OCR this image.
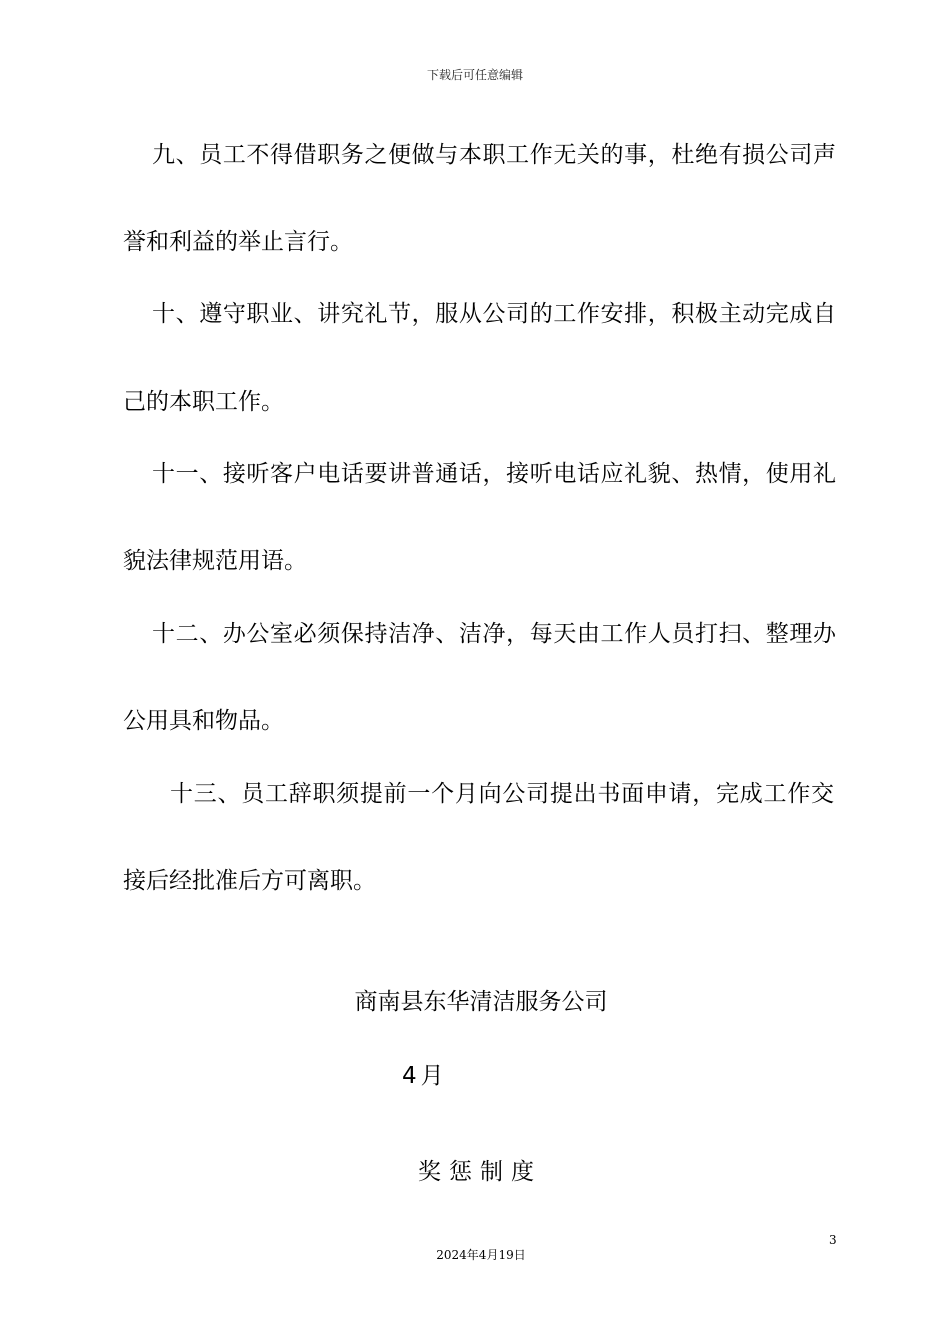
下载后可任意编辑
九、员工不得借职务之便做与本职工作无关的事，杜绝有损公司声
誉和利益的举止言行。
十、遵守职业、讲究礼节，服从公司的工作安排，积极主动完成自
己的本职工作。
十一、接听客户电话要讲普通话，接听电话应礼貌、热情，使用礼
貌法律规范用语。
十二、办公室必须保持洁净、洁净，每天由工作人员打扫、整理办
公用具和物品。
十三、员工辞职须提前一个月向公司提出书面申请，完成工作交
接后经批准后方可离职。
商南县东华清洁服务公司
4月
奖惩制度
3
2024年4月19日
